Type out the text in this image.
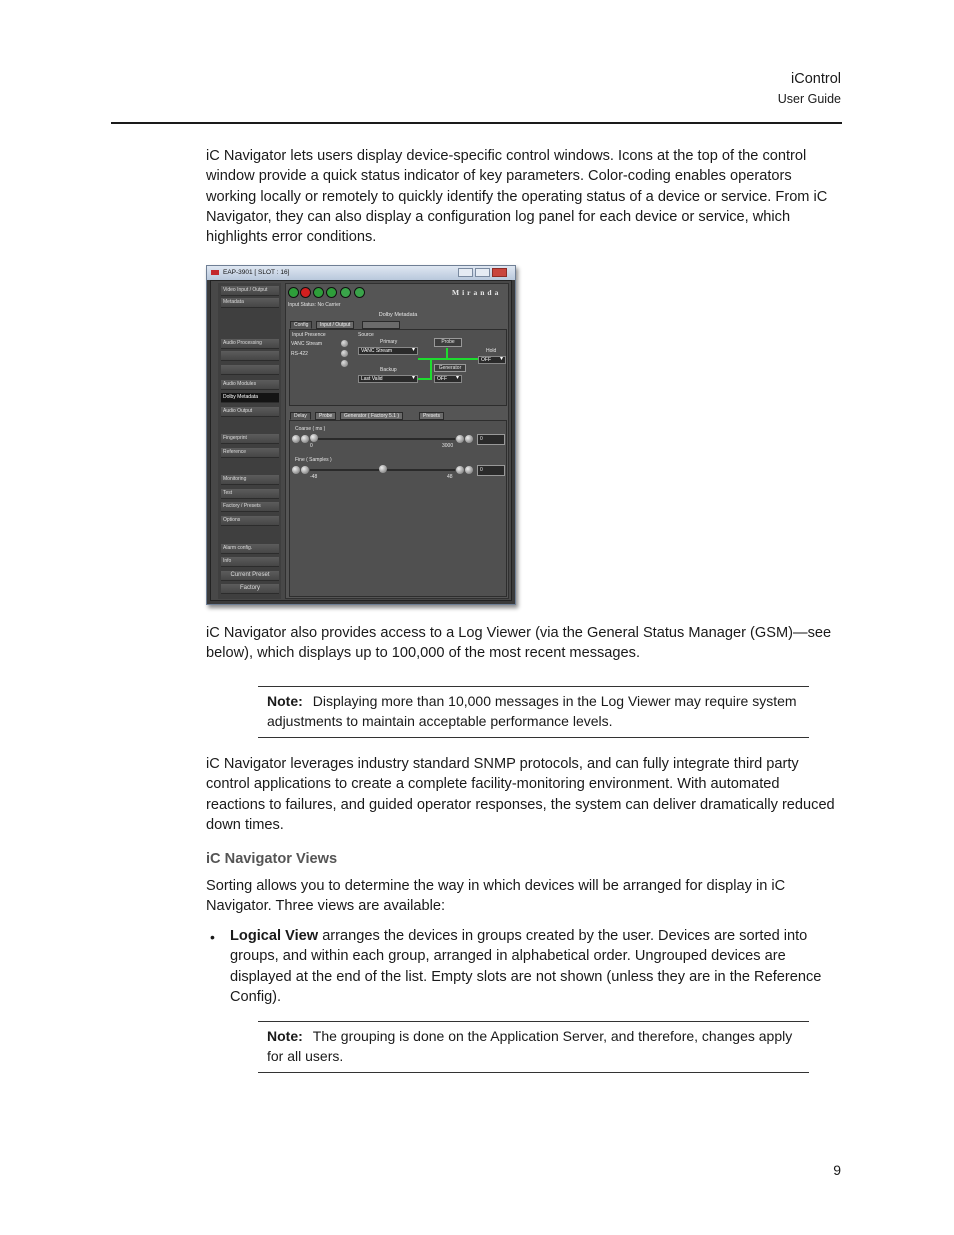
iControl
User Guide

iC Navigator lets users display device-specific control windows. Icons at the top of the control window provide a quick status indicator of key parameters. Color-coding enables operators working locally or remotely to quickly identify the operating status of a device or service. From iC Navigator, they can also display a configuration log panel for each device or service, which highlights error conditions.

EAP-3901 [ SLOT : 16]
Video Input / Output
Metadata
Audio Processing
Audio Modules
Dolby Metadata
Audio Output
Fingerprint
Reference
Monitoring
Test
Factory / Presets
Options
Alarm config.
Info
Current Preset
Factory
Miranda
Input Status: No Carrier
Dolby Metadata
Config	Input / Output
Input Presence
VANC Stream
RS-422
Source
Primary
VANC Stream ▾
Backup
Last Valid ▾
Probe
Generator
OFF ▾
Hold
OFF ▾
Delay	Probe	Generator ( Factory 5.1 )	Presets
Coarse ( ms )
0	3000
0
Fine ( Samples )
-48	48
0

iC Navigator also provides access to a Log Viewer (via the General Status Manager (GSM)—see below), which displays up to 100,000 of the most recent messages.

Note: Displaying more than 10,000 messages in the Log Viewer may require system adjustments to maintain acceptable performance levels.

iC Navigator leverages industry standard SNMP protocols, and can fully integrate third party control applications to create a complete facility-monitoring environment. With automated reactions to failures, and guided operator responses, the system can deliver dramatically reduced down times.

iC Navigator Views

Sorting allows you to determine the way in which devices will be arranged for display in iC Navigator. Three views are available:

• Logical View arranges the devices in groups created by the user. Devices are sorted into groups, and within each group, arranged in alphabetical order. Ungrouped devices are displayed at the end of the list. Empty slots are not shown (unless they are in the Reference Config).

Note: The grouping is done on the Application Server, and therefore, changes apply for all users.
9
